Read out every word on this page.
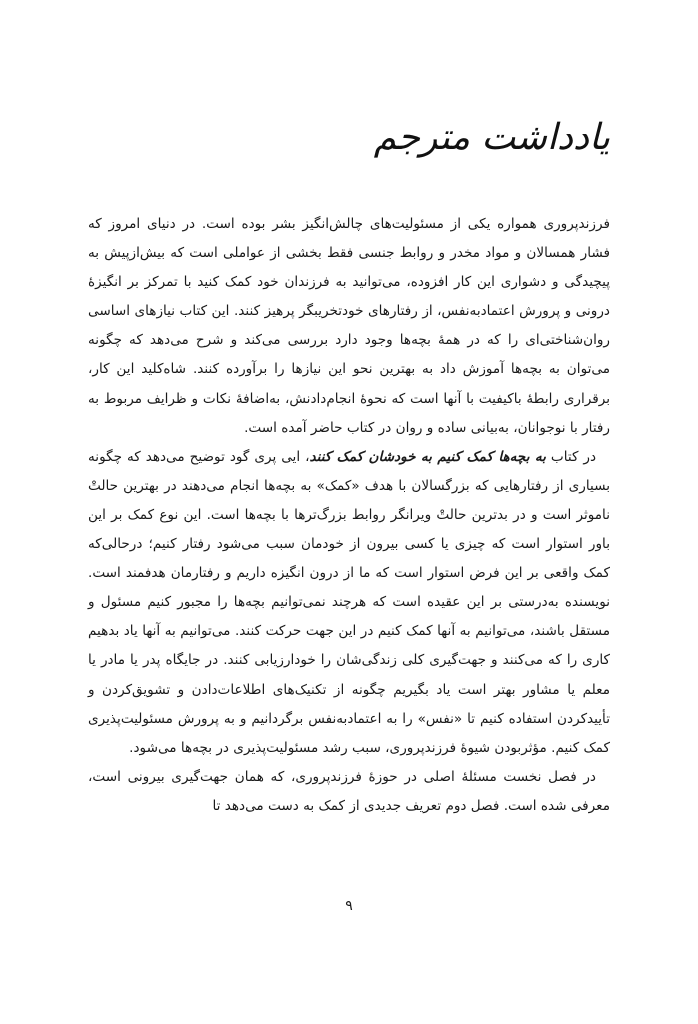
یادداشت مترجم

فرزندپروری همواره یکی از مسئولیت‌های چالش‌انگیز بشر بوده است. در دنیای امروز که فشار همسالان و مواد مخدر و روابط جنسی فقط بخشی از عواملی است که بیش‌ازپیش به پیچیدگی و دشواری این کار افزوده، می‌توانید به فرزندان خود کمک کنید با تمرکز بر انگیزهٔ درونی و پرورش اعتمادبه‌نفس، از رفتارهای خودتخریبگر پرهیز کنند. این کتاب نیازهای اساسی روان‌شناختی‌ای را که در همهٔ بچه‌ها وجود دارد بررسی می‌کند و شرح می‌دهد که چگونه می‌توان به بچه‌ها آموزش داد به بهترین نحو این نیازها را برآورده کنند. شاه‌کلید این کار، برقراری رابطهٔ باکیفیت با آنها است که نحوهٔ انجام‌دادنش، به‌اضافهٔ نکات و ظرایف مربوط به رفتار با نوجوانان، به‌بیانی ساده و روان در کتاب حاضر آمده است.

در کتاب به بچه‌ها کمک کنیم به خودشان کمک کنند، ایی پری گود توضیح می‌دهد که چگونه بسیاری از رفتارهایی که بزرگسالان با هدف «کمک» به بچه‌ها انجام می‌دهند در بهترین حالتْ ناموثر است و در بدترین حالتْ ویرانگر روابط بزرگ‌ترها با بچه‌ها است. این نوع کمک بر این باور استوار است که چیزی یا کسی بیرون از خودمان سبب می‌شود رفتار کنیم؛ درحالی‌که کمک واقعی بر این فرض استوار است که ما از درون انگیزه داریم و رفتارمان هدفمند است. نویسنده به‌درستی بر این عقیده است که هرچند نمی‌توانیم بچه‌ها را مجبور کنیم مسئول و مستقل باشند، می‌توانیم به آنها کمک کنیم در این جهت حرکت کنند. می‌توانیم به آنها یاد بدهیم کاری را که می‌کنند و جهت‌گیری کلی زندگی‌شان را خودارزیابی کنند. در جایگاه پدر یا مادر یا معلم یا مشاور بهتر است یاد بگیریم چگونه از تکنیک‌های اطلاعات‌دادن و تشویق‌کردن و تأییدکردن استفاده کنیم تا «نفس» را به اعتمادبه‌نفس برگردانیم و به پرورش مسئولیت‌پذیری کمک کنیم. مؤثربودن شیوهٔ فرزندپروری، سبب رشد مسئولیت‌پذیری در بچه‌ها می‌شود.

در فصل نخست مسئلهٔ اصلی در حوزهٔ فرزندپروری، که همان جهت‌گیری بیرونی است، معرفی شده است. فصل دوم تعریف جدیدی از کمک به دست می‌دهد تا

۹
